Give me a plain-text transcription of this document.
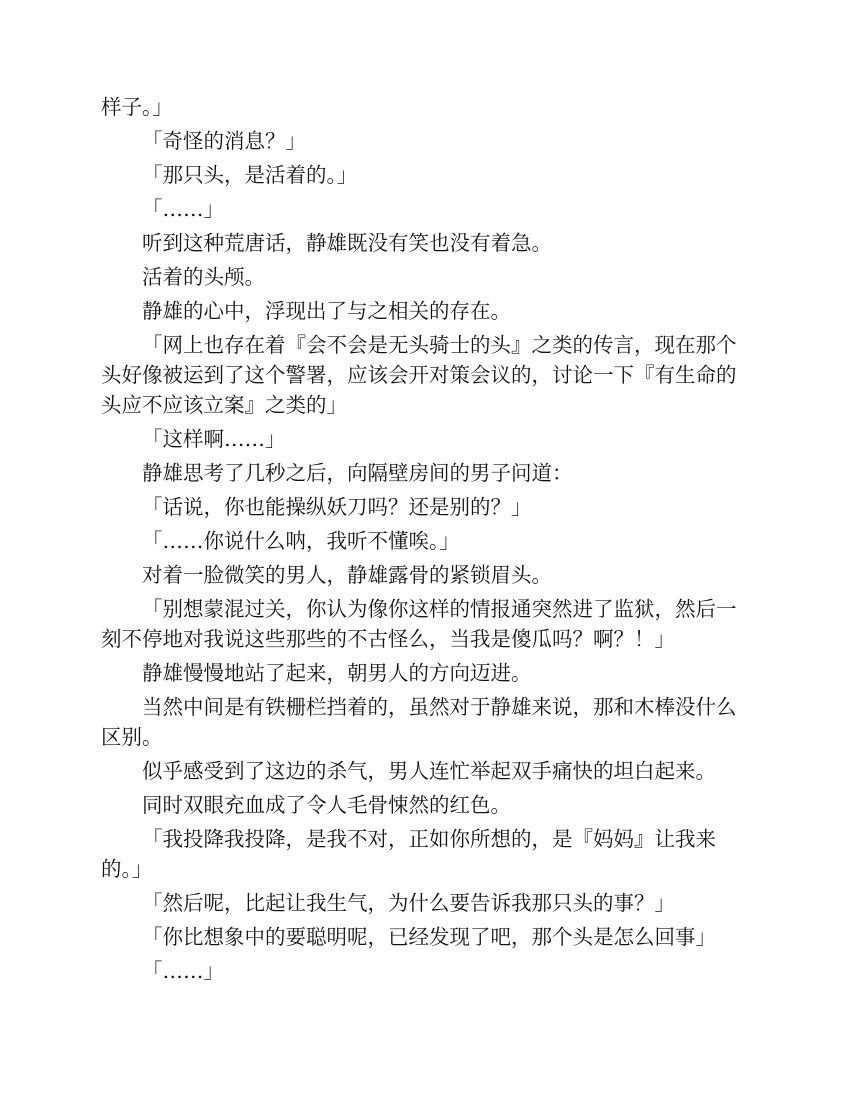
样子。」

「奇怪的消息？」

「那只头，是活着的。」

「……」

听到这种荒唐话，静雄既没有笑也没有着急。

活着的头颅。

静雄的心中，浮现出了与之相关的存在。

「网上也存在着『会不会是无头骑士的头』之类的传言，现在那个头好像被运到了这个警署，应该会开对策会议的，讨论一下『有生命的头应不应该立案』之类的」

「这样啊……」

静雄思考了几秒之后，向隔壁房间的男子问道：

「话说，你也能操纵妖刀吗？还是别的？」

「……你说什么呐，我听不懂唉。」

对着一脸微笑的男人，静雄露骨的紧锁眉头。

「别想蒙混过关，你认为像你这样的情报通突然进了监狱，然后一刻不停地对我说这些那些的不古怪么，当我是傻瓜吗？啊？！」

静雄慢慢地站了起来，朝男人的方向迈进。

当然中间是有铁栅栏挡着的，虽然对于静雄来说，那和木棒没什么区别。

似乎感受到了这边的杀气，男人连忙举起双手痛快的坦白起来。

同时双眼充血成了令人毛骨悚然的红色。

「我投降我投降，是我不对，正如你所想的，是『妈妈』让我来的。」

「然后呢，比起让我生气，为什么要告诉我那只头的事？」

「你比想象中的要聪明呢，已经发现了吧，那个头是怎么回事」

「……」
